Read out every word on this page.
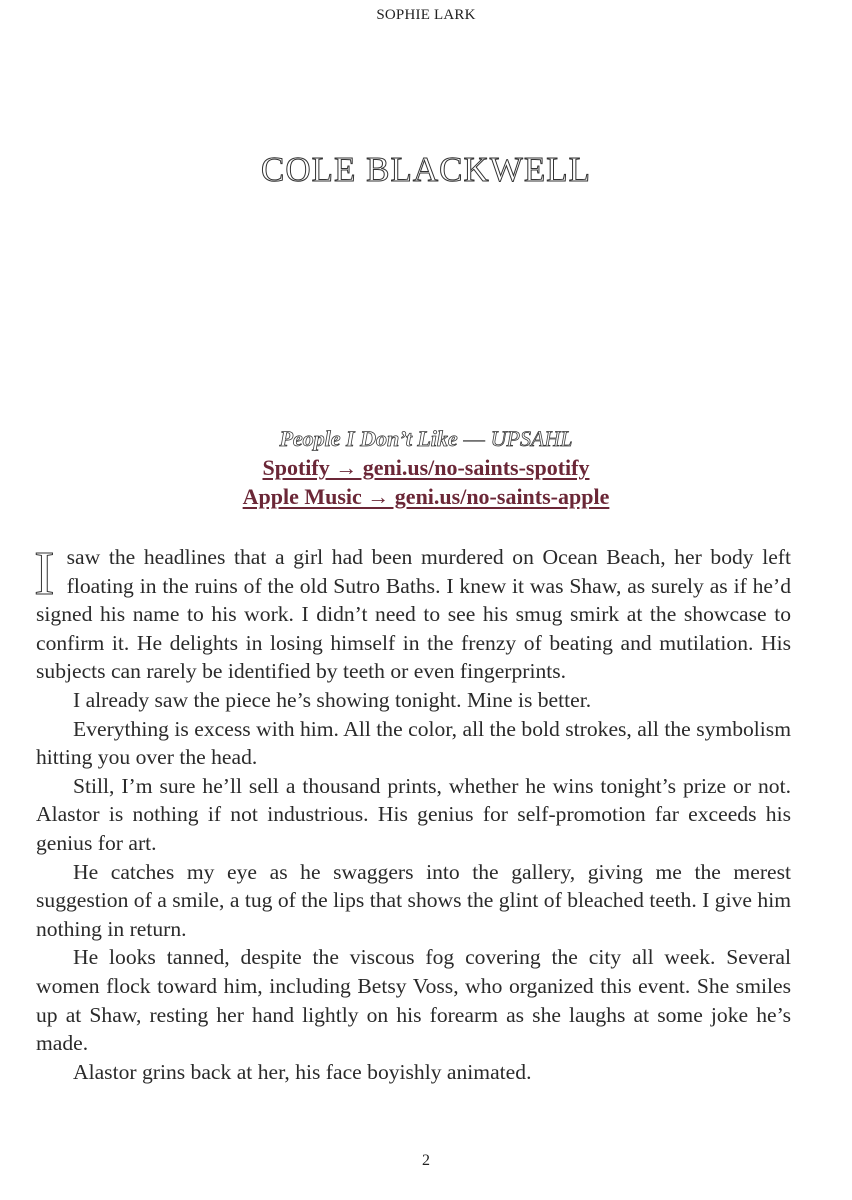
SOPHIE LARK
COLE BLACKWELL
People I Don’t Like — UPSAHL
Spotify → geni.us/no-saints-spotify
Apple Music → geni.us/no-saints-apple

Isaw the headlines that a girl had been murdered on Ocean Beach, her body left floating in the ruins of the old Sutro Baths. I knew it was Shaw, as surely as if he’d signed his name to his work. I didn’t need to see his smug smirk at the showcase to confirm it. He delights in losing himself in the frenzy of beating and mutilation. His subjects can rarely be identified by teeth or even fingerprints.

I already saw the piece he’s showing tonight. Mine is better.

Everything is excess with him. All the color, all the bold strokes, all the symbolism hitting you over the head.

Still, I’m sure he’ll sell a thousand prints, whether he wins tonight’s prize or not. Alastor is nothing if not industrious. His genius for self-promotion far exceeds his genius for art.

He catches my eye as he swaggers into the gallery, giving me the merest suggestion of a smile, a tug of the lips that shows the glint of bleached teeth. I give him nothing in return.

He looks tanned, despite the viscous fog covering the city all week. Several women flock toward him, including Betsy Voss, who organized this event. She smiles up at Shaw, resting her hand lightly on his forearm as she laughs at some joke he’s made.

Alastor grins back at her, his face boyishly animated.

2
